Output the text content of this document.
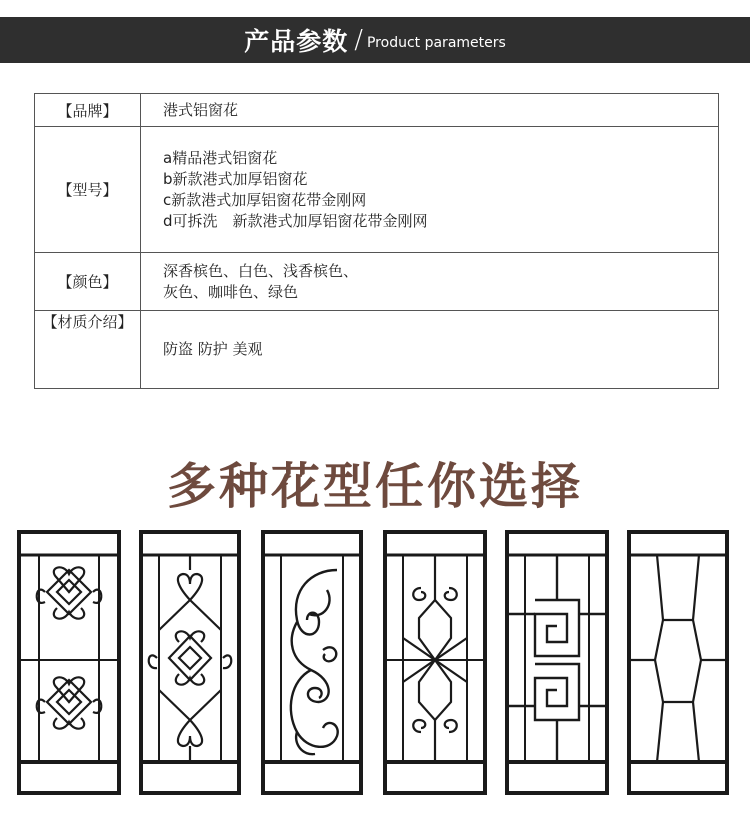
产品参数 / Product parameters
【品牌】	港式铝窗花

【型号】	a精品港式铝窗花
b新款港式加厚铝窗花
c新款港式加厚铝窗花带金刚网
d可拆洗　新款港式加厚铝窗花带金刚网

【颜色】	深香槟色、白色、浅香槟色、
灰色、咖啡色、绿色

【材质介绍】	防盗 防护 美观
多种花型任你选择
